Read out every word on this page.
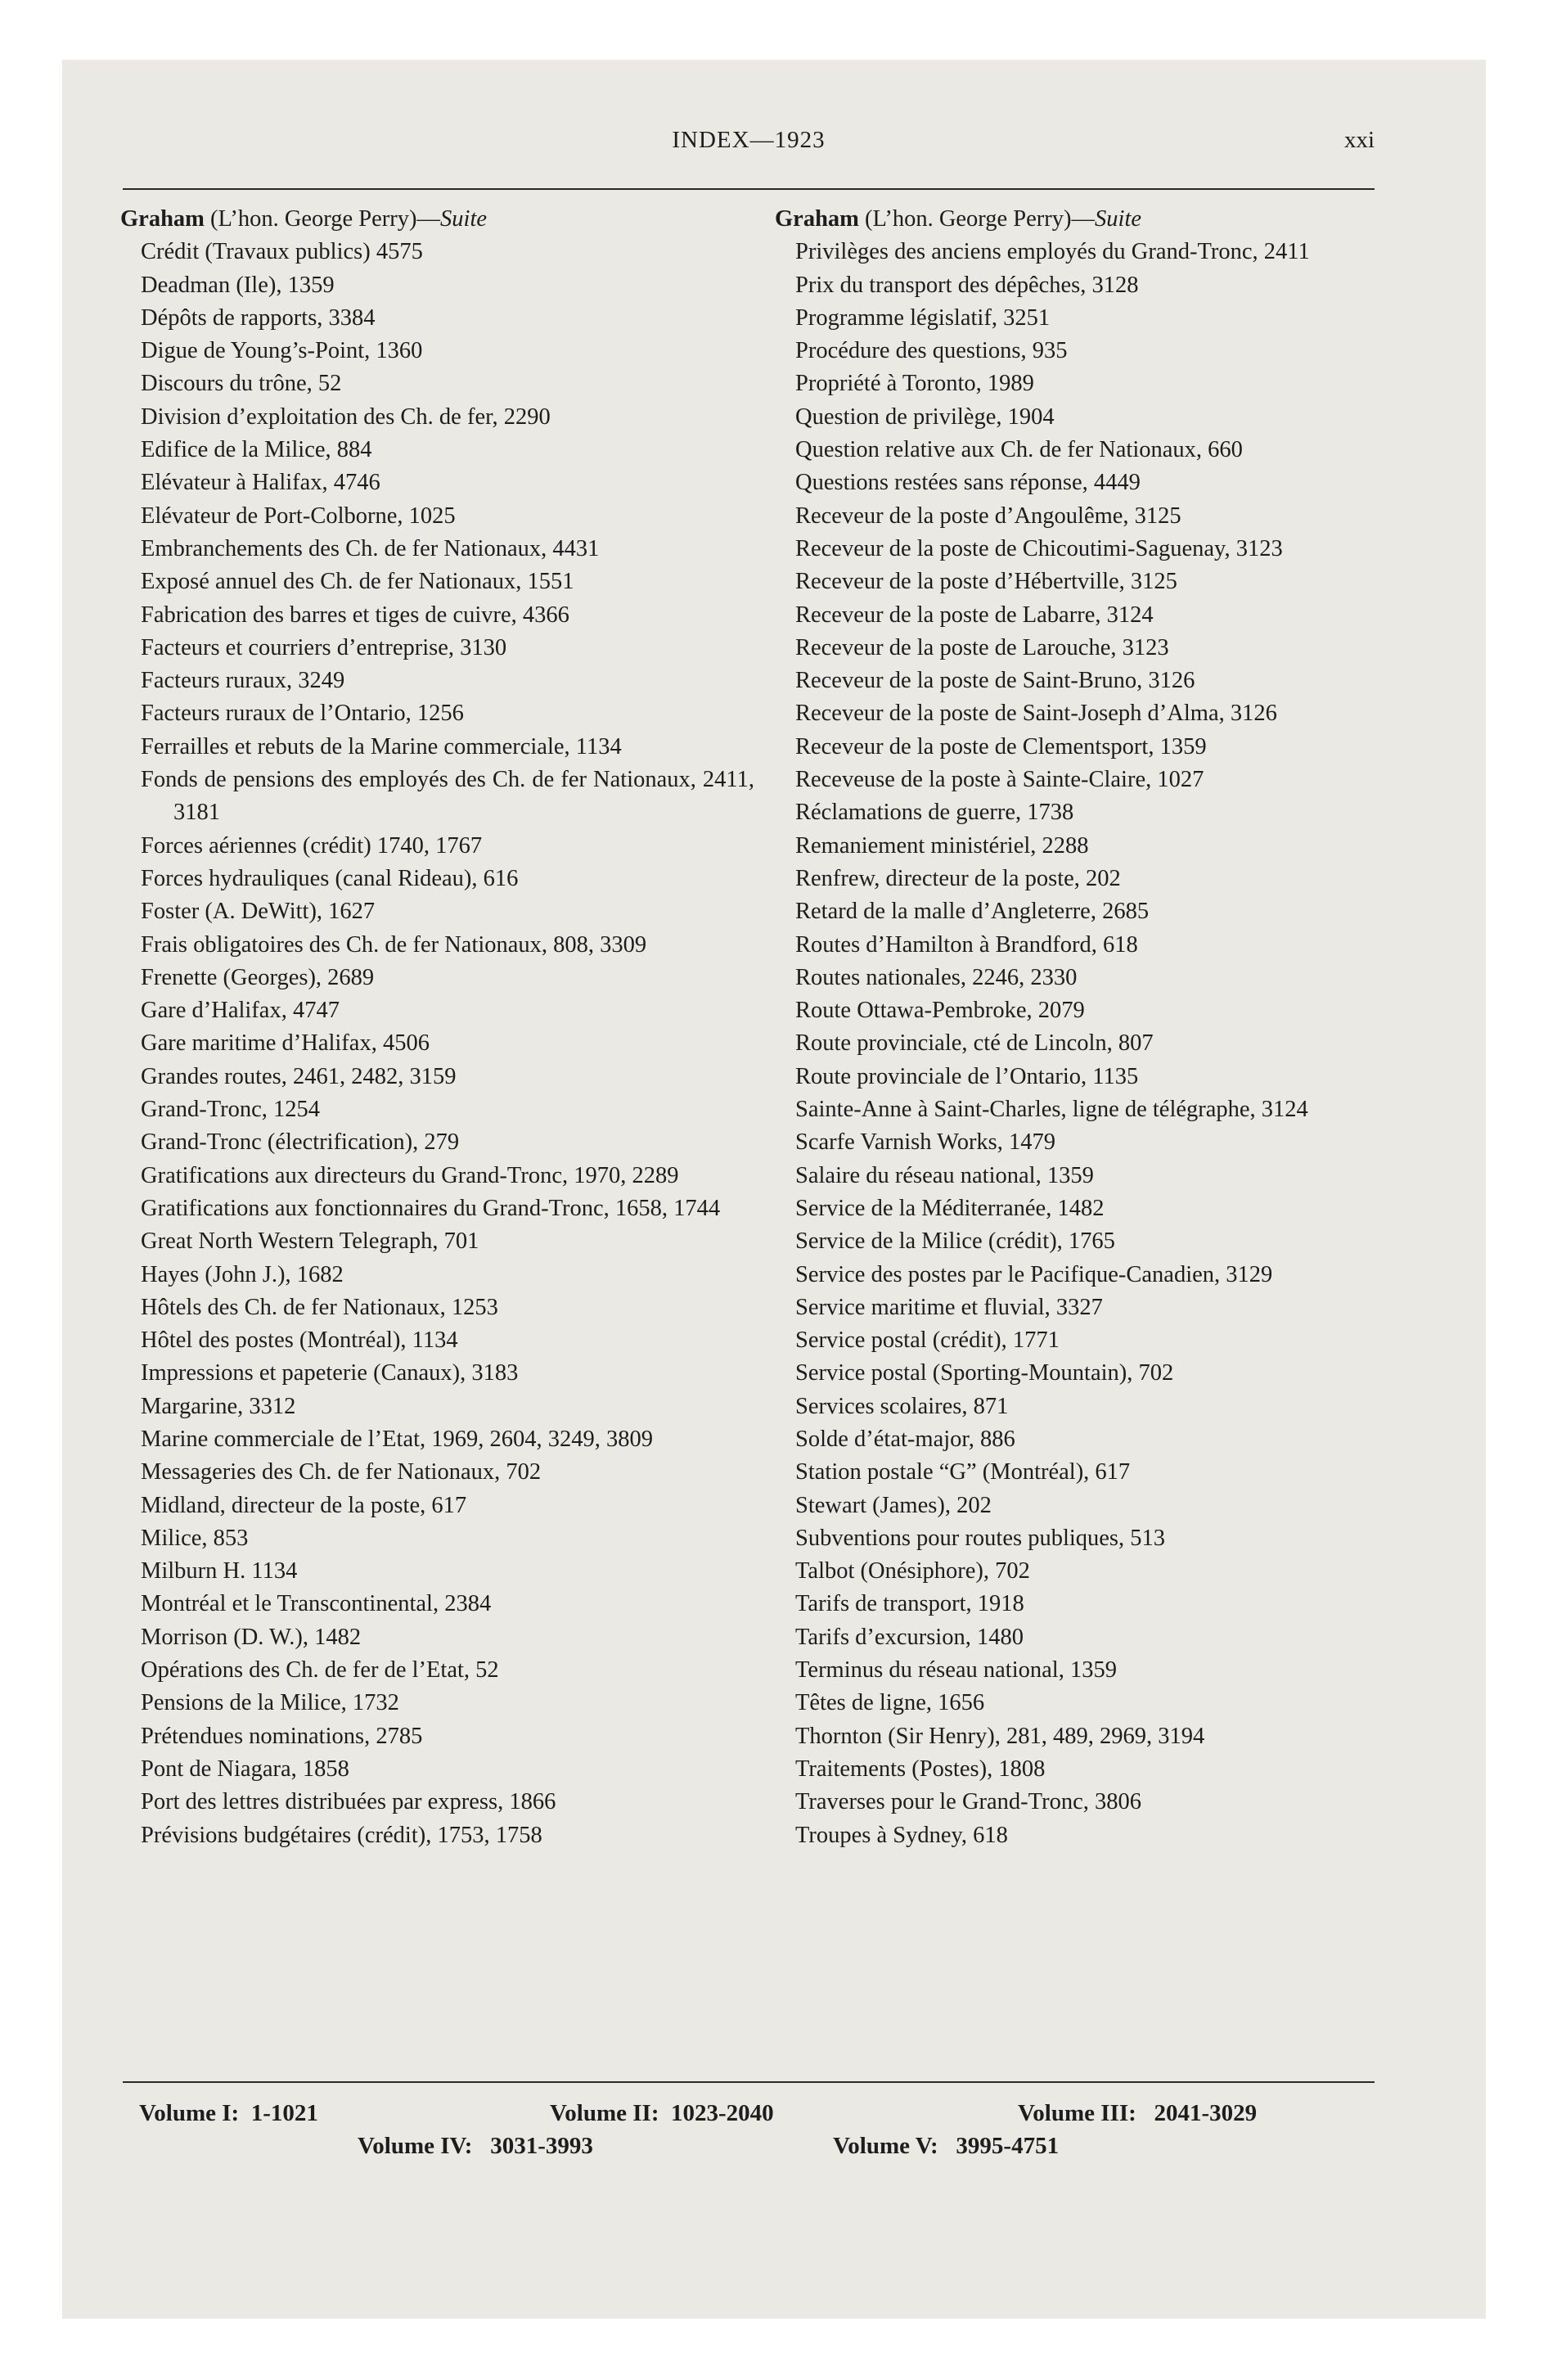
INDEX—1923	xxi
Graham (L’hon. George Perry)—Suite
Crédit (Travaux publics) 4575
Deadman (Ile), 1359
Dépôts de rapports, 3384
Digue de Young’s-Point, 1360
Discours du trône, 52
Division d’exploitation des Ch. de fer, 2290
Edifice de la Milice, 884
Elévateur à Halifax, 4746
Elévateur de Port-Colborne, 1025
Embranchements des Ch. de fer Nationaux, 4431
Exposé annuel des Ch. de fer Nationaux, 1551
Fabrication des barres et tiges de cuivre, 4366
Facteurs et courriers d’entreprise, 3130
Facteurs ruraux, 3249
Facteurs ruraux de l’Ontario, 1256
Ferrailles et rebuts de la Marine commerciale, 1134
Fonds de pensions des employés des Ch. de fer Nationaux, 2411, 3181
Forces aériennes (crédit) 1740, 1767
Forces hydrauliques (canal Rideau), 616
Foster (A. DeWitt), 1627
Frais obligatoires des Ch. de fer Nationaux, 808, 3309
Frenette (Georges), 2689
Gare d’Halifax, 4747
Gare maritime d’Halifax, 4506
Grandes routes, 2461, 2482, 3159
Grand-Tronc, 1254
Grand-Tronc (électrification), 279
Gratifications aux directeurs du Grand-Tronc, 1970, 2289
Gratifications aux fonctionnaires du Grand-Tronc, 1658, 1744
Great North Western Telegraph, 701
Hayes (John J.), 1682
Hôtels des Ch. de fer Nationaux, 1253
Hôtel des postes (Montréal), 1134
Impressions et papeterie (Canaux), 3183
Margarine, 3312
Marine commerciale de l’Etat, 1969, 2604, 3249, 3809
Messageries des Ch. de fer Nationaux, 702
Midland, directeur de la poste, 617
Milice, 853
Milburn H. 1134
Montréal et le Transcontinental, 2384
Morrison (D. W.), 1482
Opérations des Ch. de fer de l’Etat, 52
Pensions de la Milice, 1732
Prétendues nominations, 2785
Pont de Niagara, 1858
Port des lettres distribuées par express, 1866
Prévisions budgétaires (crédit), 1753, 1758
Graham (L’hon. George Perry)—Suite
Privilèges des anciens employés du Grand-Tronc, 2411
Prix du transport des dépêches, 3128
Programme législatif, 3251
Procédure des questions, 935
Propriété à Toronto, 1989
Question de privilège, 1904
Question relative aux Ch. de fer Nationaux, 660
Questions restées sans réponse, 4449
Receveur de la poste d’Angoulême, 3125
Receveur de la poste de Chicoutimi-Saguenay, 3123
Receveur de la poste d’Hébertville, 3125
Receveur de la poste de Labarre, 3124
Receveur de la poste de Larouche, 3123
Receveur de la poste de Saint-Bruno, 3126
Receveur de la poste de Saint-Joseph d’Alma, 3126
Receveur de la poste de Clementsport, 1359
Receveuse de la poste à Sainte-Claire, 1027
Réclamations de guerre, 1738
Remaniement ministériel, 2288
Renfrew, directeur de la poste, 202
Retard de la malle d’Angleterre, 2685
Routes d’Hamilton à Brandford, 618
Routes nationales, 2246, 2330
Route Ottawa-Pembroke, 2079
Route provinciale, cté de Lincoln, 807
Route provinciale de l’Ontario, 1135
Sainte-Anne à Saint-Charles, ligne de télégraphe, 3124
Scarfe Varnish Works, 1479
Salaire du réseau national, 1359
Service de la Méditerranée, 1482
Service de la Milice (crédit), 1765
Service des postes par le Pacifique-Canadien, 3129
Service maritime et fluvial, 3327
Service postal (crédit), 1771
Service postal (Sporting-Mountain), 702
Services scolaires, 871
Solde d’état-major, 886
Station postale “G” (Montréal), 617
Stewart (James), 202
Subventions pour routes publiques, 513
Talbot (Onésiphore), 702
Tarifs de transport, 1918
Tarifs d’excursion, 1480
Terminus du réseau national, 1359
Têtes de ligne, 1656
Thornton (Sir Henry), 281, 489, 2969, 3194
Traitements (Postes), 1808
Traverses pour le Grand-Tronc, 3806
Troupes à Sydney, 618
Volume I: 1-1021	Volume II: 1023-2040	Volume III: 2041-3029
Volume IV: 3031-3993	Volume V: 3995-4751
